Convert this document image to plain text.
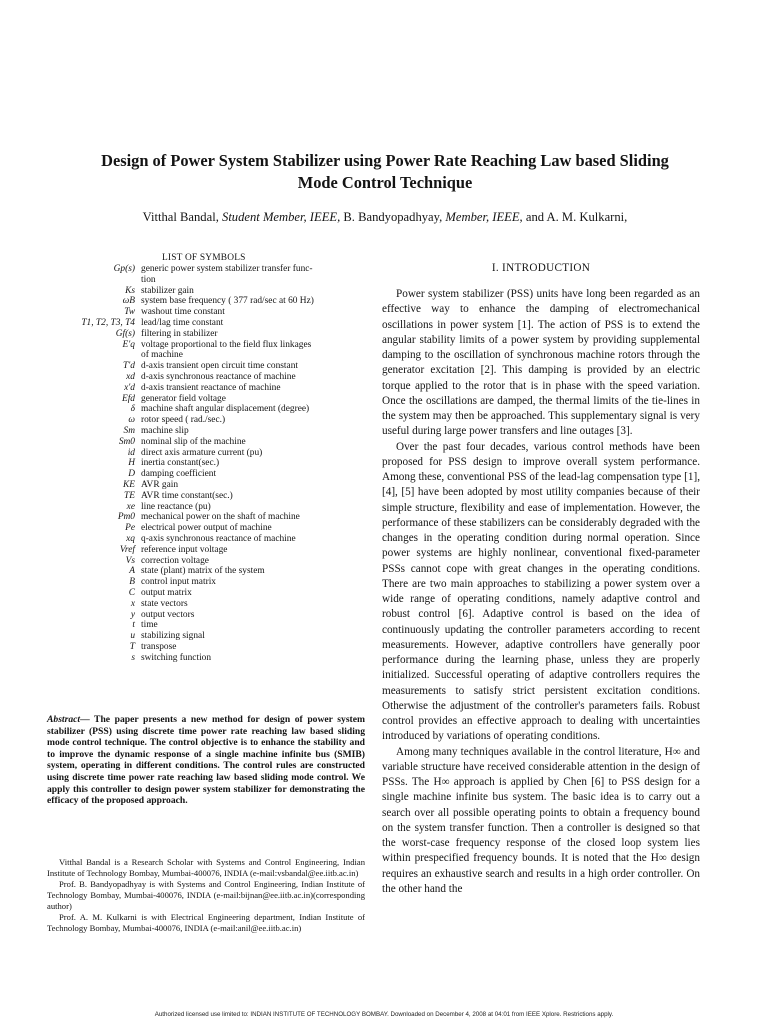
Design of Power System Stabilizer using Power Rate Reaching Law based Sliding
Mode Control Technique
Vitthal Bandal, Student Member, IEEE, B. Bandyopadhyay, Member, IEEE, and A. M. Kulkarni,
LIST OF SYMBOLS
Gp(s) generic power system stabilizer transfer func-
tion
Ks stabilizer gain
ωB system base frequency ( 377 rad/sec at 60 Hz)
Tw washout time constant
T1, T2, T3, T4 lead/lag time constant
Gf(s) filtering in stabilizer
E′q voltage proportional to the field flux linkages
of machine
T′d d-axis transient open circuit time constant
xd d-axis synchronous reactance of machine
x′d d-axis transient reactance of machine
Efd generator field voltage
δ machine shaft angular displacement (degree)
ω rotor speed ( rad./sec.)
Sm machine slip
Sm0 nominal slip of the machine
id direct axis armature current (pu)
H inertia constant(sec.)
D damping coefficient
KE AVR gain
TE AVR time constant(sec.)
xe line reactance (pu)
Pm0 mechanical power on the shaft of machine
Pe electrical power output of machine
xq q-axis synchronous reactance of machine
Vref reference input voltage
Vs correction voltage
A state (plant) matrix of the system
B control input matrix
C output matrix
x state vectors
y output vectors
t time
u stabilizing signal
T transpose
s switching function
Abstract— The paper presents a new method for design of power system stabilizer (PSS) using discrete time power rate reaching law based sliding mode control technique. The control objective is to enhance the stability and to improve the dynamic response of a single machine infinite bus (SMIB) system, operating in different conditions. The control rules are constructed using discrete time power rate reaching law based sliding mode control. We apply this controller to design power system stabilizer for demonstrating the efficacy of the proposed approach.

Vitthal Bandal is a Research Scholar with Systems and Control Engineering, Indian Institute of Technology Bombay, Mumbai-400076, INDIA (e-mail:vsbandal@ee.iitb.ac.in)

Prof. B. Bandyopadhyay is with Systems and Control Engineering, Indian Institute of Technology Bombay, Mumbai-400076, INDIA (e-mail:bijnan@ee.iitb.ac.in)(corresponding author)

Prof. A. M. Kulkarni is with Electrical Engineering department, Indian Institute of Technology Bombay, Mumbai-400076, INDIA (e-mail:anil@ee.iitb.ac.in)

I. INTRODUCTION

Power system stabilizer (PSS) units have long been regarded as an effective way to enhance the damping of electromechanical oscillations in power system [1]. The action of PSS is to extend the angular stability limits of a power system by providing supplemental damping to the oscillation of synchronous machine rotors through the generator excitation [2]. This damping is provided by an electric torque applied to the rotor that is in phase with the speed variation. Once the oscillations are damped, the thermal limits of the tie-lines in the system may then be approached. This supplementary signal is very useful during large power transfers and line outages [3].

Over the past four decades, various control methods have been proposed for PSS design to improve overall system performance. Among these, conventional PSS of the lead-lag compensation type [1], [4], [5] have been adopted by most utility companies because of their simple structure, flexibility and ease of implementation. However, the performance of these stabilizers can be considerably degraded with the changes in the operating condition during normal operation. Since power systems are highly nonlinear, conventional fixed-parameter PSSs cannot cope with great changes in the operating conditions. There are two main approaches to stabilizing a power system over a wide range of operating conditions, namely adaptive control and robust control [6]. Adaptive control is based on the idea of continuously updating the controller parameters according to recent measurements. However, adaptive controllers have generally poor performance during the learning phase, unless they are properly initialized. Successful operating of adaptive controllers requires the measurements to satisfy strict persistent excitation conditions. Otherwise the adjustment of the controller's parameters fails. Robust control provides an effective approach to dealing with uncertainties introduced by variations of operating conditions.

Among many techniques available in the control literature, H∞ and variable structure have received considerable attention in the design of PSSs. The H∞ approach is applied by Chen [6] to PSS design for a single machine infinite bus system. The basic idea is to carry out a search over all possible operating points to obtain a frequency bound on the system transfer function. Then a controller is designed so that the worst-case frequency response of the closed loop system lies within prespecified frequency bounds. It is noted that the H∞ design requires an exhaustive search and results in a high order controller. On the other hand the

Authorized licensed use limited to: INDIAN INSTITUTE OF TECHNOLOGY BOMBAY. Downloaded on December 4, 2008 at 04:01 from IEEE Xplore. Restrictions apply.
